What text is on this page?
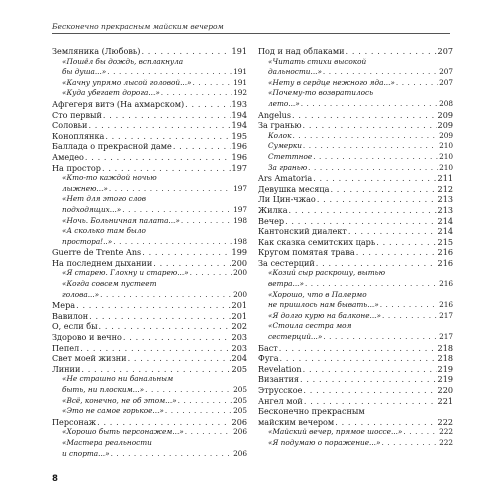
Бесконечно прекрасным майским вечером
Земляника (Любовь) . . .	191
«Пошёл бы дождь, всплакнула
бы душа...» . . .	191
«Качну упрямо лысой головой...» . . .	191
«Куда убегает дорога...» . . .	192
Афгегеря витэ (На ахмарском) . . .	193
Сто первый . . .	194
Соловьи . . .	194
Коноплянка . . .	195
Баллада о прекрасной даме . . .	196
Амедео . . .	196
На простор . . .	197
«Кто-то каждой ночью
лыжнею...» . . .	197
«Нет для этого слов
подходящих...» . . .	197
«Ночь. Больничная палата...» . . .	198
«А сколько там было
простора!..» . . .	198
Guerre de Trente Ans . . .	199
На последнем дыхании . . .	200
«Я старею. Глохну и старею...» . . .	200
«Когда совсем пустеет
голова...» . . .	200
Мера . . .	201
Вавилон . . .	201
О, если бы . . .	202
Здорово и вечно . . .	203
Пепел . . .	203
Свет моей жизни . . .	204
Линии . . .	205
«Не страшно ни банальным
быть, ни плоским...» . . .	205
«Всё, конечно, не об этом...» . . .	205
«Это не самое горькое...» . . .	205
Персонаж . . .	206
«Хорошо быть персонажем...» . . .	206
«Мастера реальности
и спорта...» . . .	206
Под и над облаками . . .	207
«Читать стихи высокой
дальности...» . . .	207
«Нету в сердце нежного яда...» . . .	207
«Почему-то возвратилось
лето...» . . .	208
Angelus . . .	209
За гранью . . .	209
Колок . . .	209
Сумерки . . .	210
Стеттное . . .	210
За гранью . . .	210
Ars Amatoria . . .	211
Девушка месяца . . .	212
Ли Цин-чжао . . .	213
Жилка . . .	213
Вечер . . .	214
Кантонский диалект . . .	214
Как сказка семитских царь . . .	215
Кругом помятая трава . . .	216
За сестерций . . .	216
«Козий сыр раскрошу, вытью
ветра...» . . .	216
«Хорошо, что в Палермо
не пришлось нам бывать...» . . .	216
«Я долго курю на балконе...» . . .	217
«Стоила сестра моя
сестерций...» . . .	217
Баст . . .	218
Фуга . . .	218
Revelation . . .	219
Византия . . .	219
Этрусское . . .	220
Ангел мой . . .	221
Бесконечно прекрасным
майским вечером . . .	222
«Майский вечер, прямое шоссе...» . . .	222
«Я подумаю о поражение...» . . .	222
8
